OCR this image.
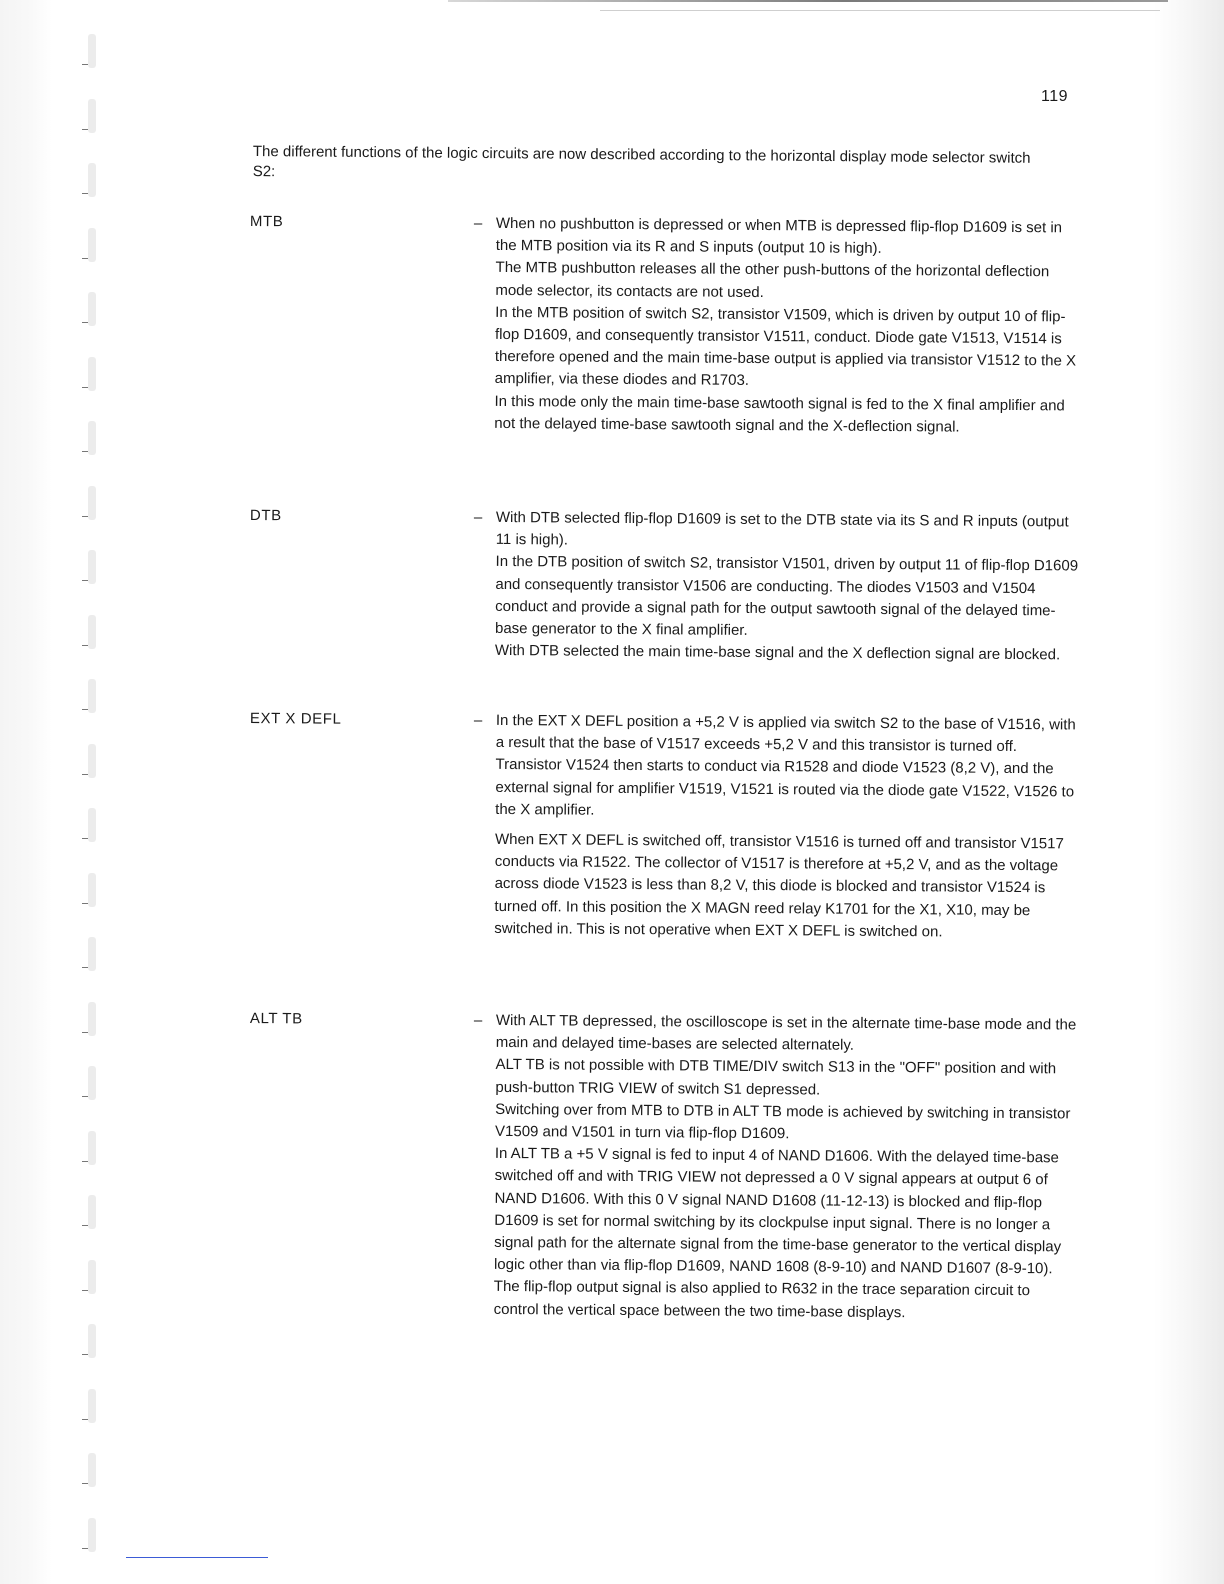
119
The different functions of the logic circuits are now described according to the horizontal display mode selector switch S2:
MTB	– When no pushbutton is depressed or when MTB is depressed flip-flop D1609 is set in the MTB position via its R and S inputs (output 10 is high).

The MTB pushbutton releases all the other push-buttons of the horizontal deflection mode selector, its contacts are not used.

In the MTB position of switch S2, transistor V1509, which is driven by output 10 of flip-flop D1609, and consequently transistor V1511, conduct. Diode gate V1513, V1514 is therefore opened and the main time-base output is applied via transistor V1512 to the X amplifier, via these diodes and R1703.

In this mode only the main time-base sawtooth signal is fed to the X final amplifier and not the delayed time-base sawtooth signal and the X-deflection signal.

DTB	– With DTB selected flip-flop D1609 is set to the DTB state via its S and R inputs (output 11 is high).

In the DTB position of switch S2, transistor V1501, driven by output 11 of flip-flop D1609 and consequently transistor V1506 are conducting. The diodes V1503 and V1504 conduct and provide a signal path for the output sawtooth signal of the delayed time-base generator to the X final amplifier.

With DTB selected the main time-base signal and the X deflection signal are blocked.

EXT X DEFL	– In the EXT X DEFL position a +5,2 V is applied via switch S2 to the base of V1516, with a result that the base of V1517 exceeds +5,2 V and this transistor is turned off.

Transistor V1524 then starts to conduct via R1528 and diode V1523 (8,2 V), and the external signal for amplifier V1519, V1521 is routed via the diode gate V1522, V1526 to the X amplifier.

When EXT X DEFL is switched off, transistor V1516 is turned off and transistor V1517 conducts via R1522. The collector of V1517 is therefore at +5,2 V, and as the voltage across diode V1523 is less than 8,2 V, this diode is blocked and transistor V1524 is turned off. In this position the X MAGN reed relay K1701 for the X1, X10, may be switched in. This is not operative when EXT X DEFL is switched on.

ALT TB	– With ALT TB depressed, the oscilloscope is set in the alternate time-base mode and the main and delayed time-bases are selected alternately.

ALT TB is not possible with DTB TIME/DIV switch S13 in the "OFF" position and with push-button TRIG VIEW of switch S1 depressed.

Switching over from MTB to DTB in ALT TB mode is achieved by switching in transistor V1509 and V1501 in turn via flip-flop D1609.

In ALT TB a +5 V signal is fed to input 4 of NAND D1606. With the delayed time-base switched off and with TRIG VIEW not depressed a 0 V signal appears at output 6 of NAND D1606. With this 0 V signal NAND D1608 (11-12-13) is blocked and flip-flop D1609 is set for normal switching by its clockpulse input signal. There is no longer a signal path for the alternate signal from the time-base generator to the vertical display logic other than via flip-flop D1609, NAND 1608 (8-9-10) and NAND D1607 (8-9-10).

The flip-flop output signal is also applied to R632 in the trace separation circuit to control the vertical space between the two time-base displays.
